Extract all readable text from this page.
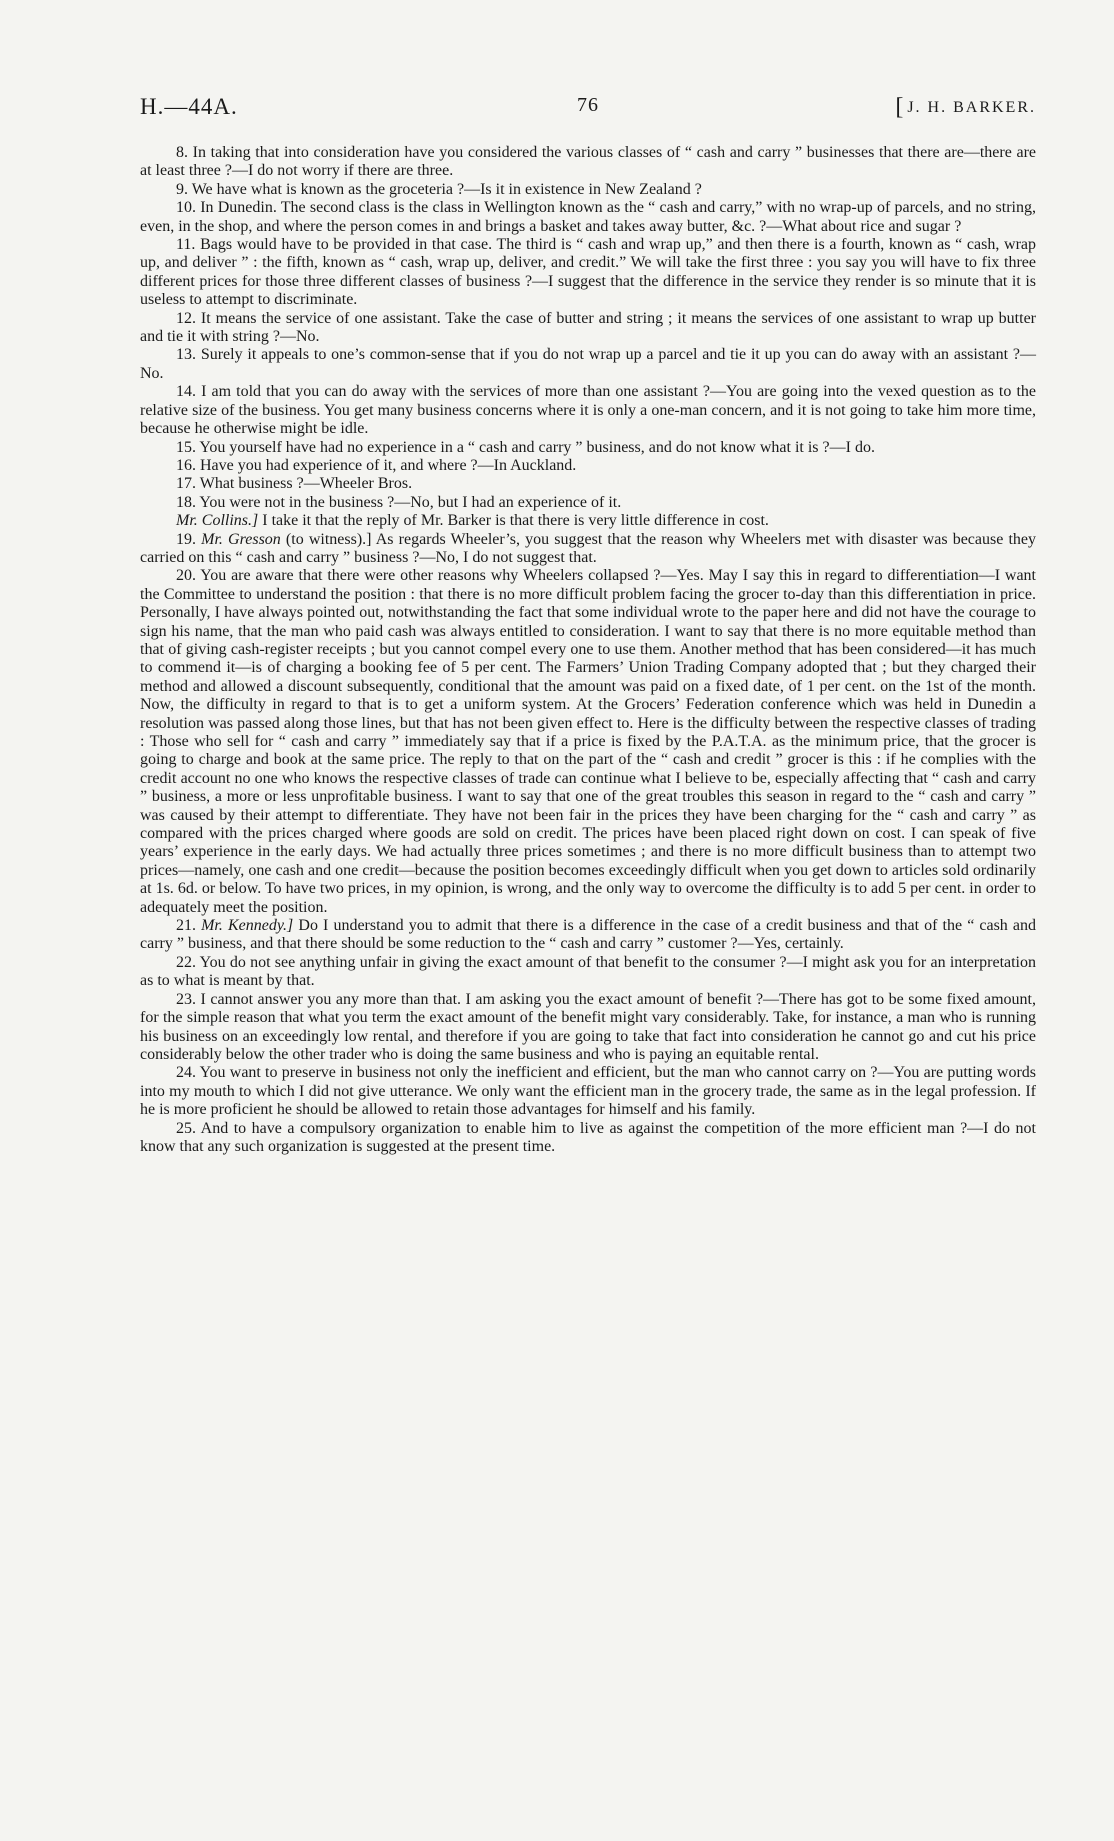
H.—44A.	76	[ J. H. BARKER.

8. In taking that into consideration have you considered the various classes of “ cash and carry ” businesses that there are—there are at least three ?—I do not worry if there are three.

9. We have what is known as the groceteria ?—Is it in existence in New Zealand ?

10. In Dunedin. The second class is the class in Wellington known as the “ cash and carry,” with no wrap-up of parcels, and no string, even, in the shop, and where the person comes in and brings a basket and takes away butter, &c. ?—What about rice and sugar ?

11. Bags would have to be provided in that case. The third is “ cash and wrap up,” and then there is a fourth, known as “ cash, wrap up, and deliver ” : the fifth, known as “ cash, wrap up, deliver, and credit.” We will take the first three : you say you will have to fix three different prices for those three different classes of business ?—I suggest that the difference in the service they render is so minute that it is useless to attempt to discriminate.

12. It means the service of one assistant. Take the case of butter and string ; it means the services of one assistant to wrap up butter and tie it with string ?—No.

13. Surely it appeals to one’s common-sense that if you do not wrap up a parcel and tie it up you can do away with an assistant ?—No.

14. I am told that you can do away with the services of more than one assistant ?—You are going into the vexed question as to the relative size of the business. You get many business concerns where it is only a one-man concern, and it is not going to take him more time, because he otherwise might be idle.

15. You yourself have had no experience in a “ cash and carry ” business, and do not know what it is ?—I do.

16. Have you had experience of it, and where ?—In Auckland.

17. What business ?—Wheeler Bros.

18. You were not in the business ?—No, but I had an experience of it.

Mr. Collins.] I take it that the reply of Mr. Barker is that there is very little difference in cost.

19. Mr. Gresson (to witness).] As regards Wheeler’s, you suggest that the reason why Wheelers met with disaster was because they carried on this “ cash and carry ” business ?—No, I do not suggest that.

20. You are aware that there were other reasons why Wheelers collapsed ?—Yes. May I say this in regard to differentiation—I want the Committee to understand the position : that there is no more difficult problem facing the grocer to-day than this differentiation in price. Personally, I have always pointed out, notwithstanding the fact that some individual wrote to the paper here and did not have the courage to sign his name, that the man who paid cash was always entitled to consideration. I want to say that there is no more equitable method than that of giving cash-register receipts ; but you cannot compel every one to use them. Another method that has been considered—it has much to commend it—is of charging a booking fee of 5 per cent. The Farmers’ Union Trading Company adopted that ; but they charged their method and allowed a discount subsequently, conditional that the amount was paid on a fixed date, of 1 per cent. on the 1st of the month. Now, the difficulty in regard to that is to get a uniform system. At the Grocers’ Federation conference which was held in Dunedin a resolution was passed along those lines, but that has not been given effect to. Here is the difficulty between the respective classes of trading : Those who sell for “ cash and carry ” immediately say that if a price is fixed by the P.A.T.A. as the minimum price, that the grocer is going to charge and book at the same price. The reply to that on the part of the “ cash and credit ” grocer is this : if he complies with the credit account no one who knows the respective classes of trade can continue what I believe to be, especially affecting that “ cash and carry ” business, a more or less unprofitable business. I want to say that one of the great troubles this season in regard to the “ cash and carry ” was caused by their attempt to differentiate. They have not been fair in the prices they have been charging for the “ cash and carry ” as compared with the prices charged where goods are sold on credit. The prices have been placed right down on cost. I can speak of five years’ experience in the early days. We had actually three prices sometimes ; and there is no more difficult business than to attempt two prices—namely, one cash and one credit—because the position becomes exceedingly difficult when you get down to articles sold ordinarily at 1s. 6d. or below. To have two prices, in my opinion, is wrong, and the only way to overcome the difficulty is to add 5 per cent. in order to adequately meet the position.

21. Mr. Kennedy.] Do I understand you to admit that there is a difference in the case of a credit business and that of the “ cash and carry ” business, and that there should be some reduction to the “ cash and carry ” customer ?—Yes, certainly.

22. You do not see anything unfair in giving the exact amount of that benefit to the consumer ?—I might ask you for an interpretation as to what is meant by that.

23. I cannot answer you any more than that. I am asking you the exact amount of benefit ?—There has got to be some fixed amount, for the simple reason that what you term the exact amount of the benefit might vary considerably. Take, for instance, a man who is running his business on an exceedingly low rental, and therefore if you are going to take that fact into consideration he cannot go and cut his price considerably below the other trader who is doing the same business and who is paying an equitable rental.

24. You want to preserve in business not only the inefficient and efficient, but the man who cannot carry on ?—You are putting words into my mouth to which I did not give utterance. We only want the efficient man in the grocery trade, the same as in the legal profession. If he is more proficient he should be allowed to retain those advantages for himself and his family.

25. And to have a compulsory organization to enable him to live as against the competition of the more efficient man ?—I do not know that any such organization is suggested at the present time.
